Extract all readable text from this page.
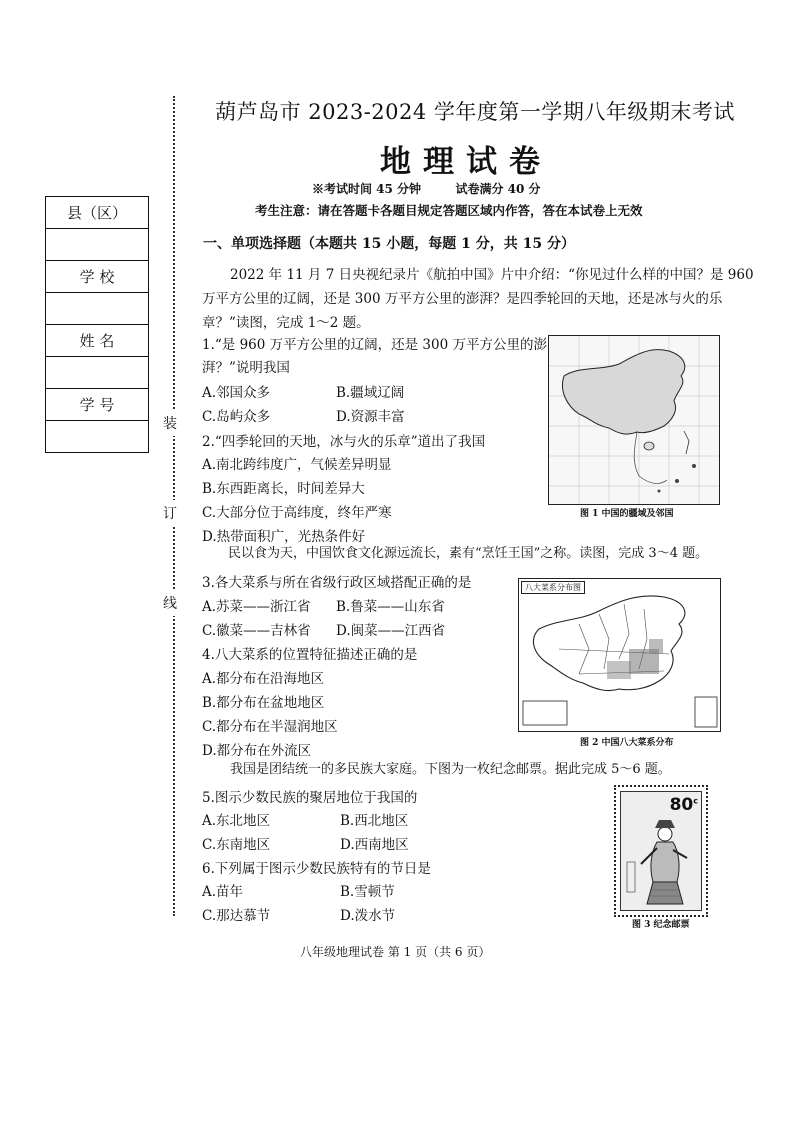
装
订
线
县（区）

学 校

姓 名

学 号

葫芦岛市 2023-2024 学年度第一学期八年级期末考试
地理试卷
※考试时间 45 分钟	试卷满分 40 分
考生注意：请在答题卡各题目规定答题区域内作答，答在本试卷上无效
一、单项选择题（本题共 15 小题，每题 1 分，共 15 分）
2022 年 11 月 7 日央视纪录片《航拍中国》片中介绍：“你见过什么样的中国？是 960
万平方公里的辽阔，还是 300 万平方公里的澎湃？是四季轮回的天地，还是冰与火的乐
章？”读图，完成 1～2 题。
1.“是 960 万平方公里的辽阔，还是 300 万平方公里的澎
湃？”说明我国
A.邻国众多	B.疆域辽阔
C.岛屿众多	D.资源丰富
2.“四季轮回的天地，冰与火的乐章”道出了我国
A.南北跨纬度广，气候差异明显
B.东西距离长，时间差异大
C.大部分位于高纬度，终年严寒
D.热带面积广，光热条件好
图 1 中国的疆域及邻国
民以食为天，中国饮食文化源远流长，素有“烹饪王国”之称。读图，完成 3～4 题。
3.各大菜系与所在省级行政区域搭配正确的是
A.苏菜——浙江省 B.鲁菜——山东省
C.徽菜——吉林省 D.闽菜——江西省
4.八大菜系的位置特征描述正确的是
A.都分布在沿海地区
B.都分布在盆地地区
C.都分布在半湿润地区
D.都分布在外流区
八大菜系分布图
图 2 中国八大菜系分布
我国是团结统一的多民族大家庭。下图为一枚纪念邮票。据此完成 5～6 题。
5.图示少数民族的聚居地位于我国的
A.东北地区	B.西北地区
C.东南地区	D.西南地区
6.下列属于图示少数民族特有的节日是
A.苗年	B.雪顿节
C.那达慕节	D.泼水节
80$^c$
图 3 纪念邮票
八年级地理试卷 第 1 页（共 6 页）
